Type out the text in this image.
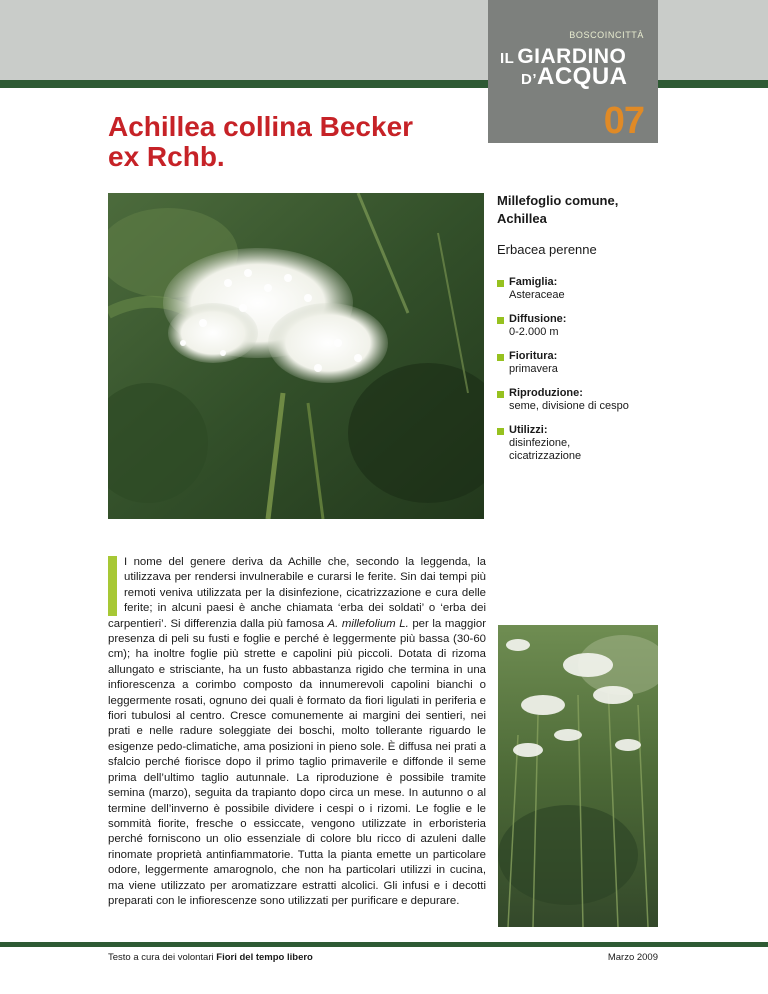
BOSCOINCITTÀ
IL GIARDINO
D’ACQUA
07
Achillea collina Becker
ex Rchb.
Millefoglio comune,
Achillea
Erbacea perenne
Famiglia:
Asteraceae
Diffusione:
0-2.000 m
Fioritura:
primavera
Riproduzione:
seme, divisione di cespo
Utilizzi:
disinfezione,
cicatrizzazione
I nome del genere deriva da Achille che, secondo la leggenda, la utilizzava per rendersi invulnerabile e curarsi le ferite. Sin dai tempi più remoti veniva utilizzata per la disinfezione, cicatrizzazione e cura delle ferite; in alcuni paesi è anche chiamata ‘erba dei soldati’ o ‘erba dei carpentieri’. Si differenzia dalla più famosa A. millefolium L. per la maggior presenza di peli su fusti e foglie e perché è leggermente più bassa (30-60 cm); ha inoltre foglie più strette e capolini più piccoli. Dotata di rizoma allungato e strisciante, ha un fusto abbastanza rigido che termina in una infiorescenza a corimbo composto da innumerevoli capolini bianchi o leggermente rosati, ognuno dei quali è formato da fiori ligulati in periferia e fiori tubulosi al centro. Cresce comunemente ai margini dei sentieri, nei prati e nelle radure soleggiate dei boschi, molto tollerante riguardo le esigenze pedo-climatiche, ama posizioni in pieno sole. È diffusa nei prati a sfalcio perché fiorisce dopo il primo taglio primaverile e diffonde il seme prima dell’ultimo taglio autunnale. La riproduzione è possibile tramite semina (marzo), seguita da trapianto dopo circa un mese. In autunno o al termine dell’inverno è possibile dividere i cespi o i rizomi. Le foglie e le sommità fiorite, fresche o essiccate, vengono utilizzate in erboristeria perché forniscono un olio essenziale di colore blu ricco di azuleni dalle rinomate proprietà antinfiammatorie. Tutta la pianta emette un particolare odore, leggermente amarognolo, che non ha particolari utilizzi in cucina, ma viene utilizzato per aromatizzare estratti alcolici. Gli infusi e i decotti preparati con le infiorescenze sono utilizzati per purificare e depurare.
Testo a cura dei volontari Fiori del tempo libero	Marzo 2009
